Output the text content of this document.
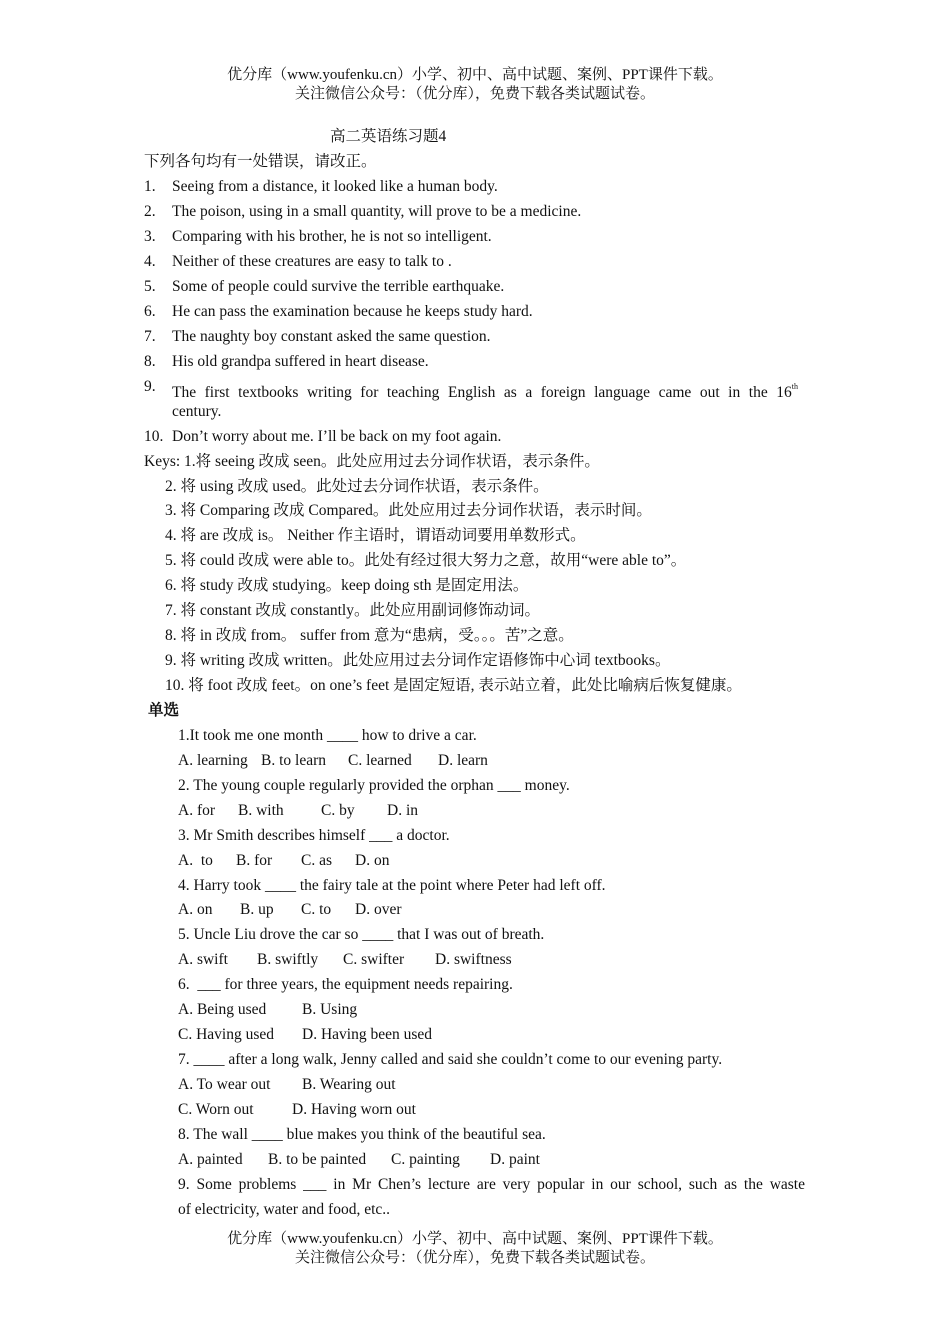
优分库（www.youfenku.cn）小学、初中、高中试题、案例、PPT课件下载。
关注微信公众号：（优分库），免费下载各类试题试卷。
高二英语练习题4
下列各句均有一处错误，请改正。
1. Seeing from a distance, it looked like a human body.
2. The poison, using in a small quantity, will prove to be a medicine.
3. Comparing with his brother, he is not so intelligent.
4. Neither of these creatures are easy to talk to .
5. Some of people could survive the terrible earthquake.
6. He can pass the examination because he keeps study hard.
7. The naughty boy constant asked the same question.
8. His old grandpa suffered in heart disease.
9. The first textbooks writing for teaching English as a foreign language came out in the 16th
century.
10. Don’t worry about me. I’ll be back on my foot again.
Keys: 1.将 seeing 改成 seen。此处应用过去分词作状语，表示条件。
2. 将 using 改成 used。此处过去分词作状语，表示条件。
3. 将 Comparing 改成 Compared。此处应用过去分词作状语，表示时间。
4. 将 are 改成 is。 Neither 作主语时，谓语动词要用单数形式。
5. 将 could 改成 were able to。此处有经过很大努力之意，故用“were able to”。
6. 将 study 改成 studying。keep doing sth 是固定用法。
7. 将 constant 改成 constantly。此处应用副词修饰动词。
8. 将 in 改成 from。 suffer from 意为“患病，受。。。苦”之意。
9. 将 writing 改成 written。此处应用过去分词作定语修饰中心词 textbooks。
10. 将 foot 改成 feet。on one’s feet 是固定短语, 表示站立着，此处比喻病后恢复健康。
单选
1.It took me one month ____ how to drive a car.
A. learning B. to learn C. learned D. learn
2. The young couple regularly provided the orphan ___ money.
A. for B. with C. by D. in
3. Mr Smith describes himself ___ a doctor.
A.  to B. for C. as D. on
4. Harry took ____ the fairy tale at the point where Peter had left off.
A. on B. up C. to D. over
5. Uncle Liu drove the car so ____ that I was out of breath.
A. swift B. swiftly C. swifter D. swiftness
6.  ___ for three years, the equipment needs repairing.
A. Being used B. Using
C. Having used D. Having been used
7. ____ after a long walk, Jenny called and said she couldn’t come to our evening party.
A. To wear out B. Wearing out
C. Worn out D. Having worn out
8. The wall ____ blue makes you think of the beautiful sea.
A. painted B. to be painted C. painting D. paint
9. Some problems ___ in Mr Chen’s lecture are very popular in our school, such as the waste
of electricity, water and food, etc..
优分库（www.youfenku.cn）小学、初中、高中试题、案例、PPT课件下载。
关注微信公众号：（优分库），免费下载各类试题试卷。
